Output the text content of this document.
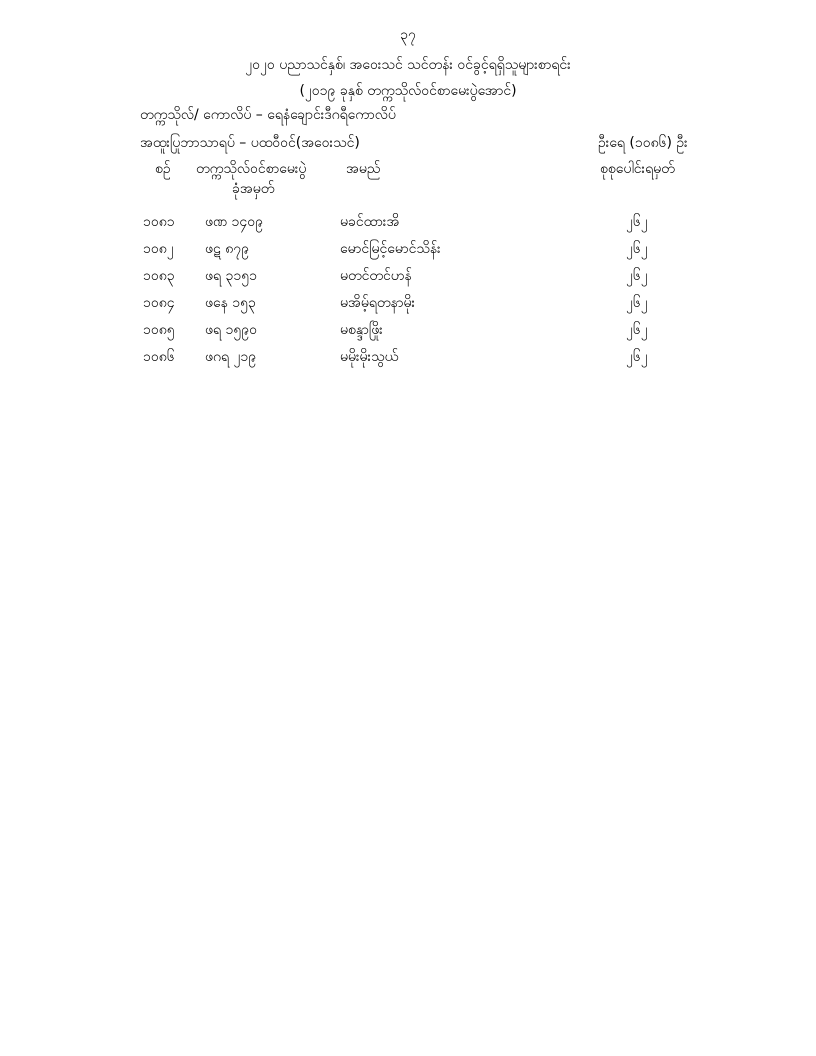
၃၇
၂၀၂၀ ပညာသင်နှစ်၊ အဝေးသင် သင်တန်း ဝင်ခွင့်ရရှိသူများစာရင်း
(၂၀၁၉ ခုနှစ် တက္ကသိုလ်ဝင်စာမေးပွဲအောင်)
တက္ကသိုလ်/ ကောလိပ် – ရေနံချောင်းဒီဂရီကောလိပ်
အထူးပြုဘာသာရပ် – ပထဝီဝင်(အဝေးသင်)	ဦးရေ (၁၀၈၆) ဦး
စဉ် တက္ကသိုလ်ဝင်စာမေးပွဲ
ခုံအမှတ်
အမည်	စုစုပေါင်းရမှတ်
၁၀၈၁ ဖဏ ၁၄၀၉	မခင်ထားအိ	၂၆၂
၁၀၈၂ ဖဋ ၈၇၉	မောင်မြင့်မောင်သိန်း	၂၆၂
၁၀၈၃ ဖရ ၃၁၅၁	မတင်တင်ဟန်	၂၆၂
၁၀၈၄ ဖနေ ၁၅၃	မအိမ့်ရတနာမိုး	၂၆၂
၁၀၈၅ ဖရ ၁၅၉၀	မစန္ဒာဖြိုး	၂၆၂
၁၀၈၆ ဖဂရ ၂၁၉	မမိုးမိုးသွယ်	၂၆၂
